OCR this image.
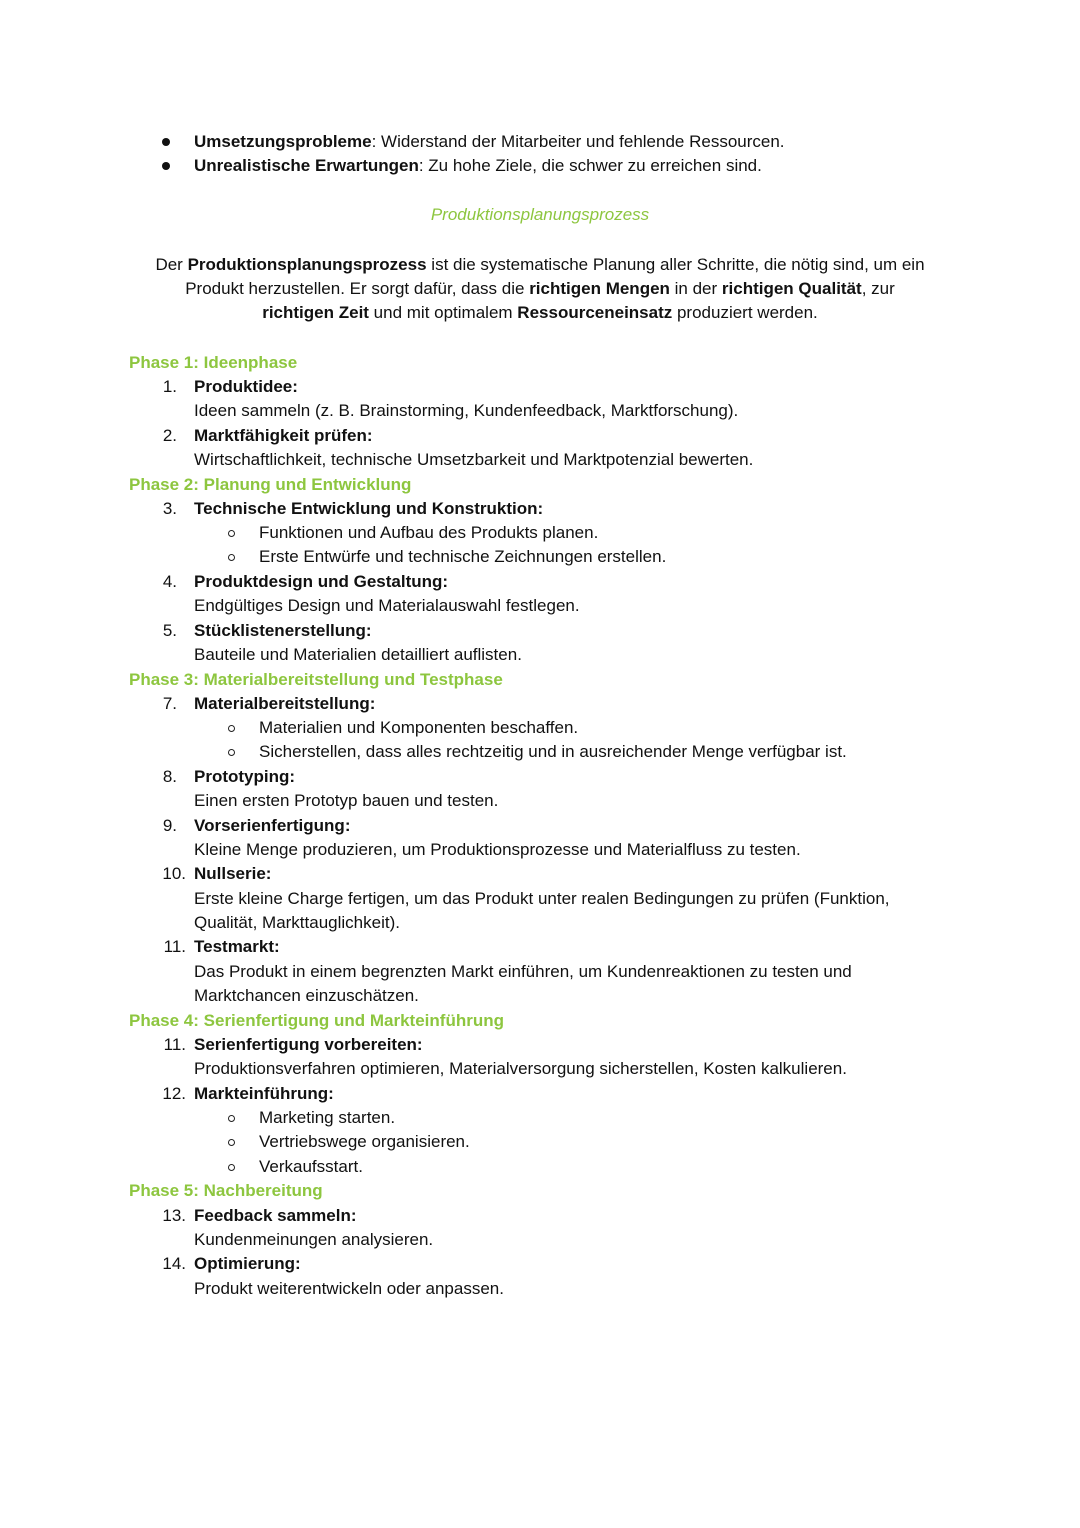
Umsetzungsprobleme: Widerstand der Mitarbeiter und fehlende Ressourcen.
Unrealistische Erwartungen: Zu hohe Ziele, die schwer zu erreichen sind.
Produktionsplanungsprozess
Der Produktionsplanungsprozess ist die systematische Planung aller Schritte, die nötig sind, um ein
Produkt herzustellen. Er sorgt dafür, dass die richtigen Mengen in der richtigen Qualität, zur
richtigen Zeit und mit optimalem Ressourceneinsatz produziert werden.
Phase 1: Ideenphase
1. Produktidee:
Ideen sammeln (z. B. Brainstorming, Kundenfeedback, Marktforschung).
2. Marktfähigkeit prüfen:
Wirtschaftlichkeit, technische Umsetzbarkeit und Marktpotenzial bewerten.
Phase 2: Planung und Entwicklung
3. Technische Entwicklung und Konstruktion:
Funktionen und Aufbau des Produkts planen.
Erste Entwürfe und technische Zeichnungen erstellen.
4. Produktdesign und Gestaltung:
Endgültiges Design und Materialauswahl festlegen.
5. Stücklistenerstellung:
Bauteile und Materialien detailliert auflisten.
Phase 3: Materialbereitstellung und Testphase
7. Materialbereitstellung:
Materialien und Komponenten beschaffen.
Sicherstellen, dass alles rechtzeitig und in ausreichender Menge verfügbar ist.
8. Prototyping:
Einen ersten Prototyp bauen und testen.
9. Vorserienfertigung:
Kleine Menge produzieren, um Produktionsprozesse und Materialfluss zu testen.
10. Nullserie:
Erste kleine Charge fertigen, um das Produkt unter realen Bedingungen zu prüfen (Funktion,
Qualität, Markttauglichkeit).
11. Testmarkt:
Das Produkt in einem begrenzten Markt einführen, um Kundenreaktionen zu testen und
Marktchancen einzuschätzen.
Phase 4: Serienfertigung und Markteinführung
11. Serienfertigung vorbereiten:
Produktionsverfahren optimieren, Materialversorgung sicherstellen, Kosten kalkulieren.
12. Markteinführung:
Marketing starten.
Vertriebswege organisieren.
Verkaufsstart.
Phase 5: Nachbereitung
13. Feedback sammeln:
Kundenmeinungen analysieren.
14. Optimierung:
Produkt weiterentwickeln oder anpassen.
